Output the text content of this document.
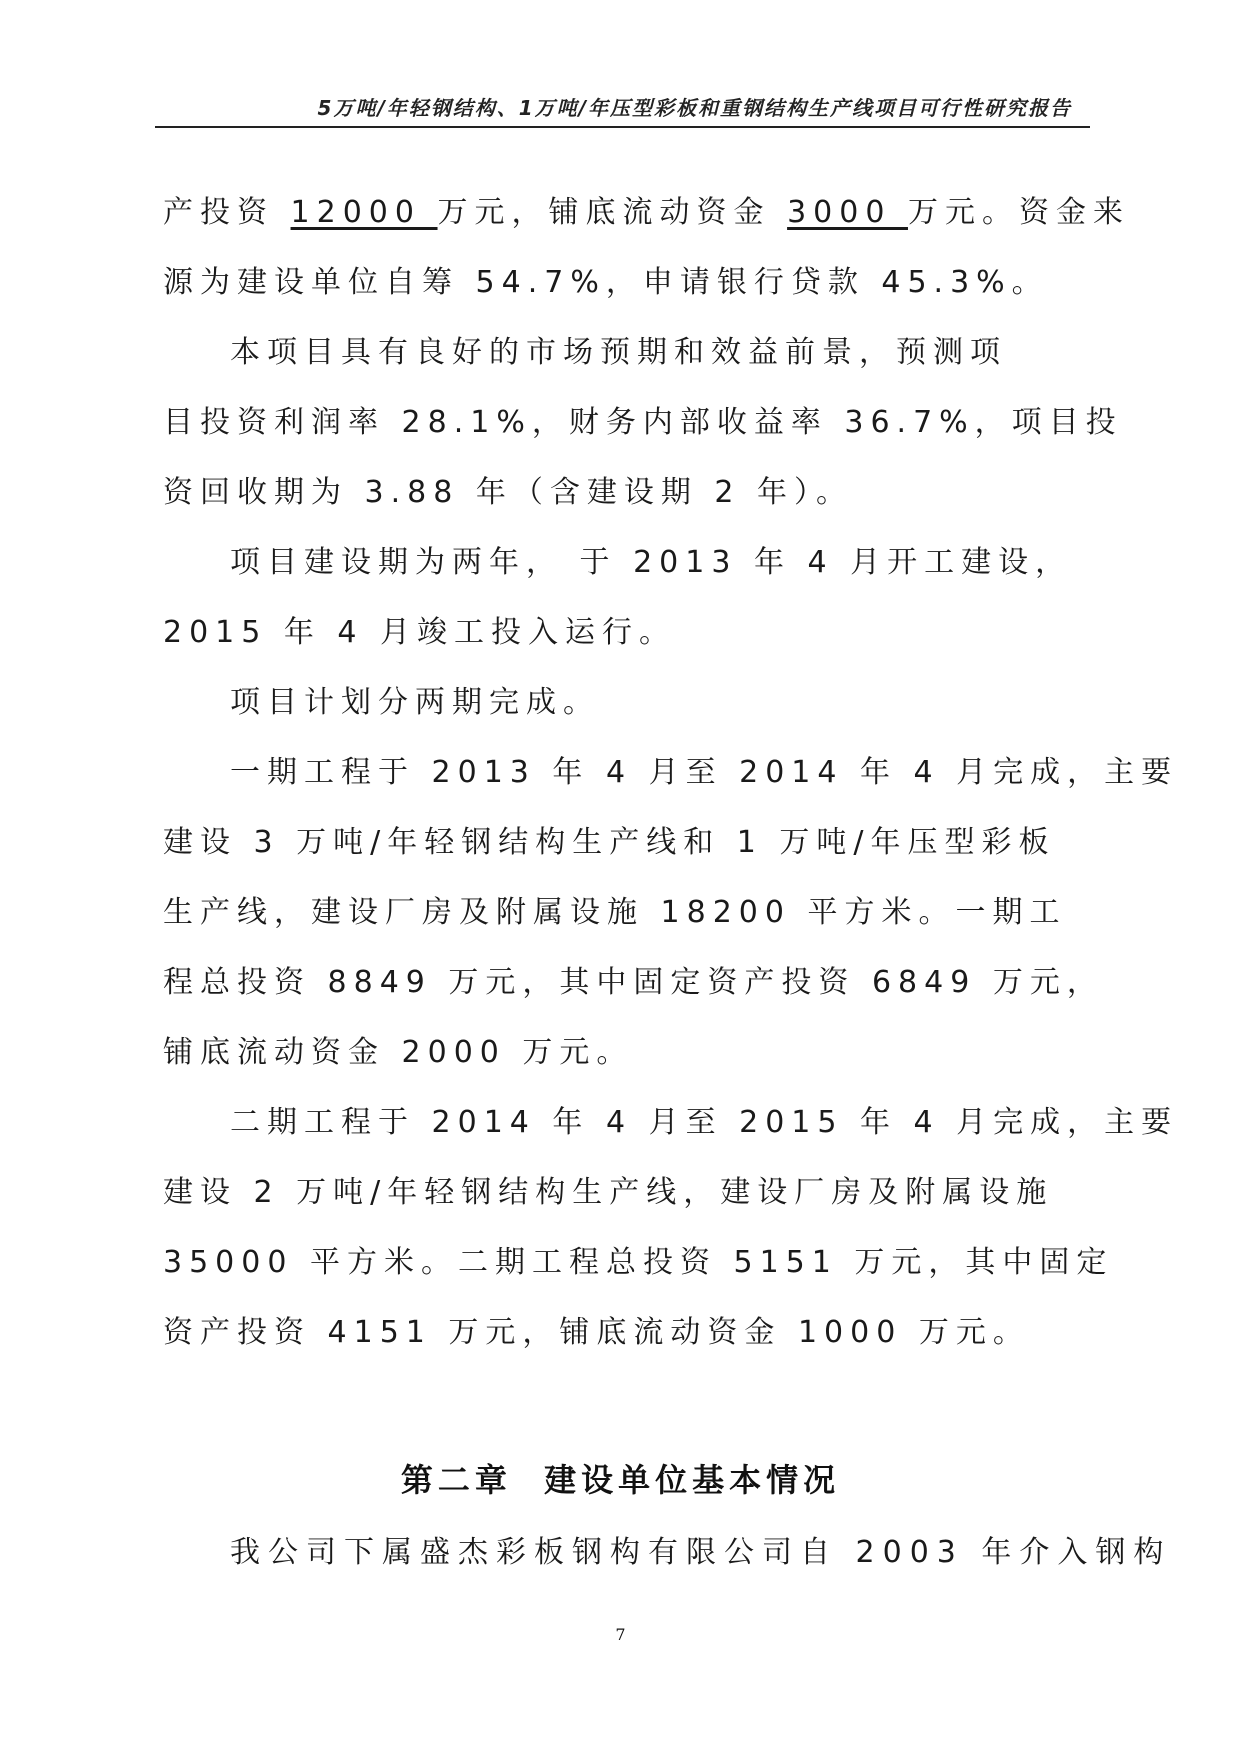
5万吨/年轻钢结构、1万吨/年压型彩板和重钢结构生产线项目可行性研究报告
产投资 12000 万元，铺底流动资金 3000 万元。资金来
源为建设单位自筹 54.7%，申请银行贷款 45.3%。
本项目具有良好的市场预期和效益前景，预测项
目投资利润率 28.1%，财务内部收益率 36.7%，项目投
资回收期为 3.88 年（含建设期 2 年）。
项目建设期为两年， 于 2013 年 4 月开工建设，
2015 年 4 月竣工投入运行。
项目计划分两期完成。
一期工程于 2013 年 4 月至 2014 年 4 月完成，主要
建设 3 万吨/年轻钢结构生产线和 1 万吨/年压型彩板
生产线，建设厂房及附属设施 18200 平方米。一期工
程总投资 8849 万元，其中固定资产投资 6849 万元，
铺底流动资金 2000 万元。
二期工程于 2014 年 4 月至 2015 年 4 月完成，主要
建设 2 万吨/年轻钢结构生产线，建设厂房及附属设施
35000 平方米。二期工程总投资 5151 万元，其中固定
资产投资 4151 万元，铺底流动资金 1000 万元。
第二章  建设单位基本情况
我公司下属盛杰彩板钢构有限公司自 2003 年介入钢构
7
